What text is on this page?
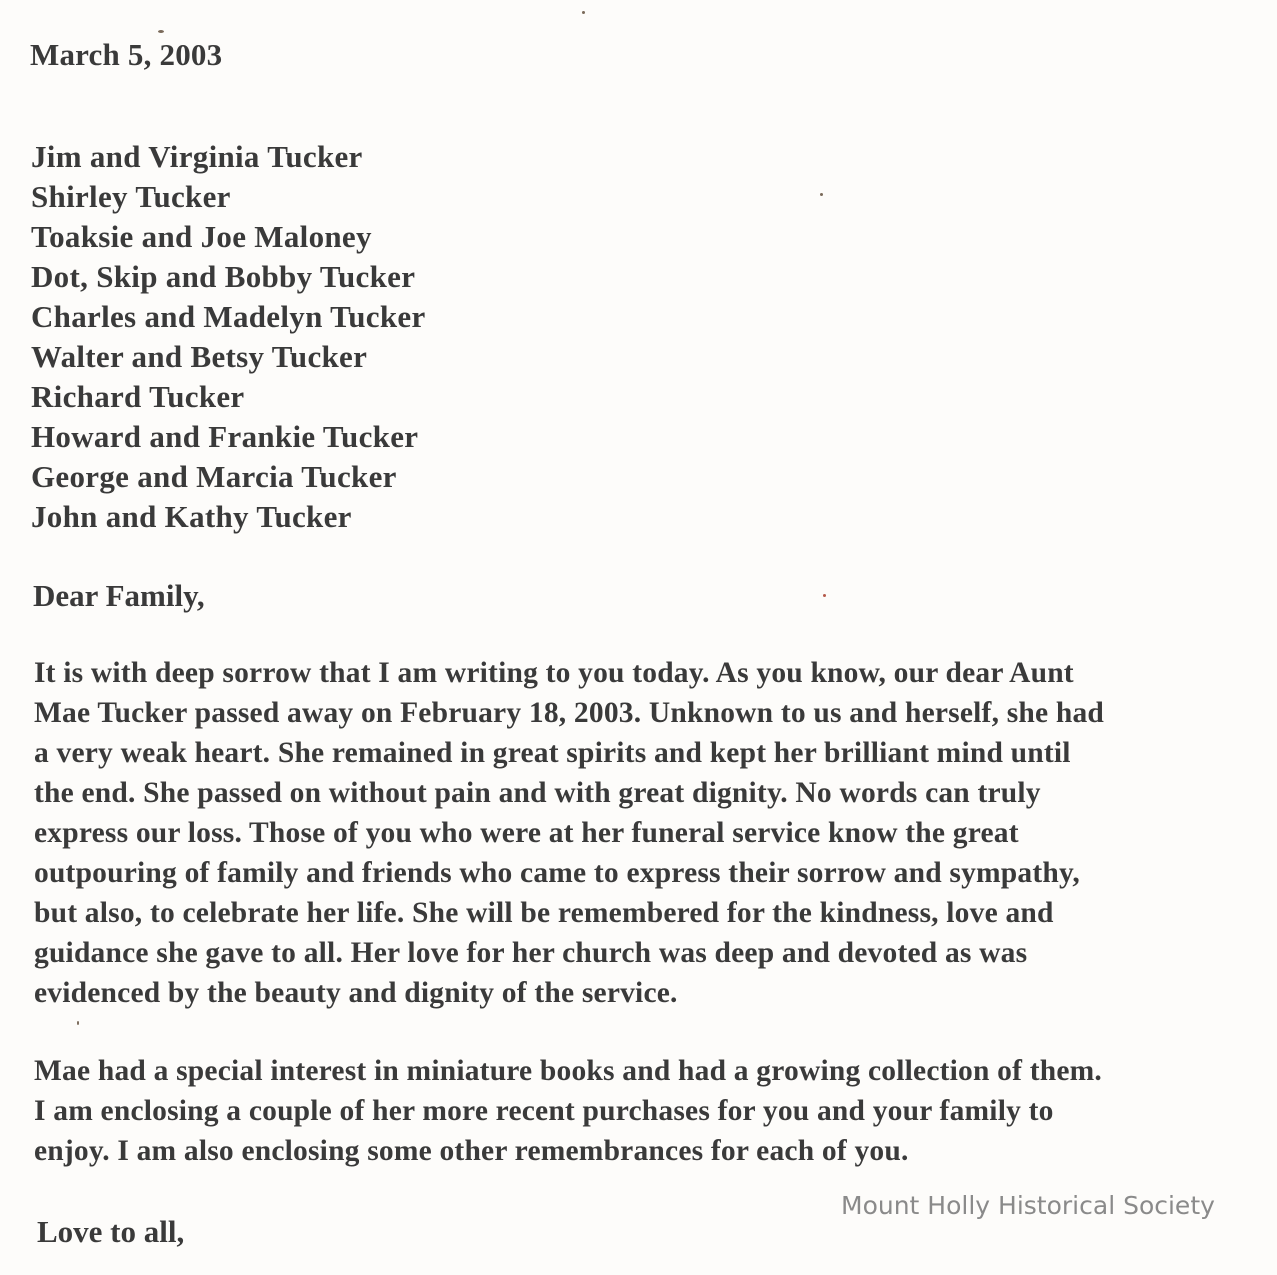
March 5, 2003
Jim and Virginia Tucker
Shirley Tucker
Toaksie and Joe Maloney
Dot, Skip and Bobby Tucker
Charles and Madelyn Tucker
Walter and Betsy Tucker
Richard Tucker
Howard and Frankie Tucker
George and Marcia Tucker
John and Kathy Tucker
Dear Family,
It is with deep sorrow that I am writing to you today. As you know, our dear Aunt
Mae Tucker passed away on February 18, 2003. Unknown to us and herself, she had
a very weak heart. She remained in great spirits and kept her brilliant mind until
the end. She passed on without pain and with great dignity. No words can truly
express our loss. Those of you who were at her funeral service know the great
outpouring of family and friends who came to express their sorrow and sympathy,
but also, to celebrate her life. She will be remembered for the kindness, love and
guidance she gave to all. Her love for her church was deep and devoted as was
evidenced by the beauty and dignity of the service.
Mae had a special interest in miniature books and had a growing collection of them.
I am enclosing a couple of her more recent purchases for you and your family to
enjoy. I am also enclosing some other remembrances for each of you.
Love to all,
Mount Holly Historical Society
